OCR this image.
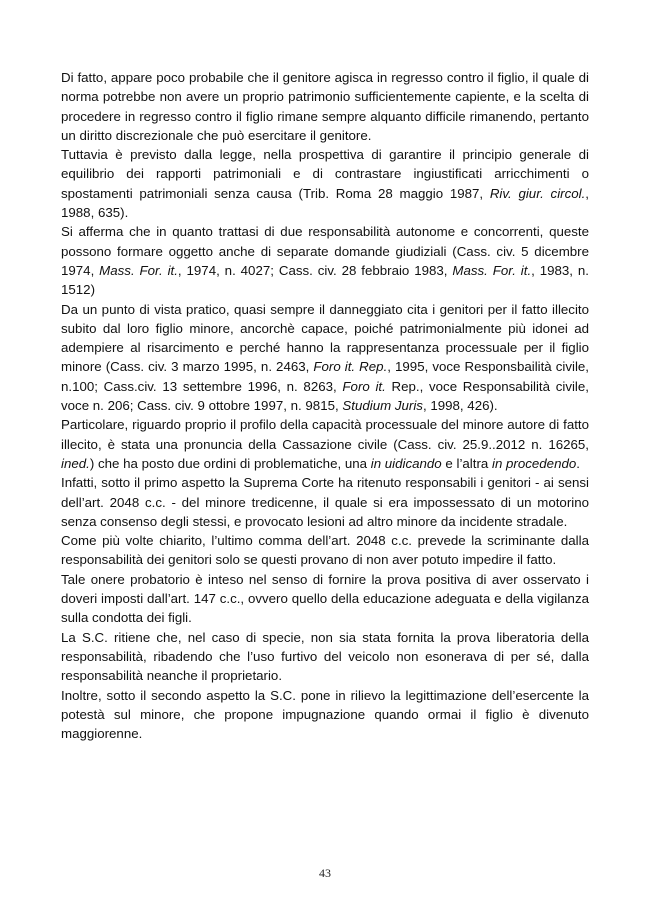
Di fatto, appare poco probabile che il genitore agisca in regresso contro il figlio, il quale di norma potrebbe non avere un proprio patrimonio sufficientemente capiente, e la scelta di procedere in regresso contro il figlio rimane sempre alquanto difficile rimanendo, pertanto un diritto discrezionale che può esercitare il genitore.

Tuttavia è previsto dalla legge, nella prospettiva di garantire il principio generale di equilibrio dei rapporti patrimoniali e di contrastare ingiustificati arricchimenti o spostamenti patrimoniali senza causa (Trib. Roma 28 maggio 1987, Riv. giur. circol., 1988, 635).

Si afferma che in quanto trattasi di due responsabilità autonome e concorrenti, queste possono formare oggetto anche di separate domande giudiziali (Cass. civ. 5 dicembre 1974, Mass. For. it., 1974, n. 4027; Cass. civ. 28 febbraio 1983, Mass. For. it., 1983, n. 1512)

Da un punto di vista pratico, quasi sempre il danneggiato cita i genitori per il fatto illecito subito dal loro figlio minore, ancorchè capace, poiché patrimonialmente più idonei ad adempiere al risarcimento e perché hanno la rappresentanza processuale per il figlio minore (Cass. civ. 3 marzo 1995, n. 2463, Foro it. Rep., 1995, voce Responsbailità civile, n.100; Cass.civ. 13 settembre 1996, n. 8263, Foro it. Rep., voce Responsabilità civile, voce n. 206; Cass. civ. 9 ottobre 1997, n. 9815, Studium Juris, 1998, 426).

Particolare, riguardo proprio il profilo della capacità processuale del minore autore di fatto illecito, è stata una pronuncia della Cassazione civile (Cass. civ. 25.9..2012 n. 16265, ined.) che ha posto due ordini di problematiche, una in uidicando e l’altra in procedendo.

Infatti, sotto il primo aspetto la Suprema Corte ha ritenuto responsabili i genitori - ai sensi dell’art. 2048 c.c. - del minore tredicenne, il quale si era impossessato di un motorino senza consenso degli stessi, e provocato lesioni ad altro minore da incidente stradale.

Come più volte chiarito, l’ultimo comma dell’art. 2048 c.c. prevede la scriminante dalla responsabilità dei genitori solo se questi provano di non aver potuto impedire il fatto.

Tale onere probatorio è inteso nel senso di fornire la prova positiva di aver osservato i doveri imposti dall’art. 147 c.c., ovvero quello della educazione adeguata e della vigilanza sulla condotta dei figli.

La S.C. ritiene che, nel caso di specie, non sia stata fornita la prova liberatoria della responsabilità, ribadendo che l’uso furtivo del veicolo non esonerava di per sé, dalla responsabilità neanche il proprietario.

Inoltre, sotto il secondo aspetto la S.C. pone in rilievo la legittimazione dell’esercente la potestà sul minore, che propone impugnazione quando ormai il figlio è divenuto maggiorenne.

43
